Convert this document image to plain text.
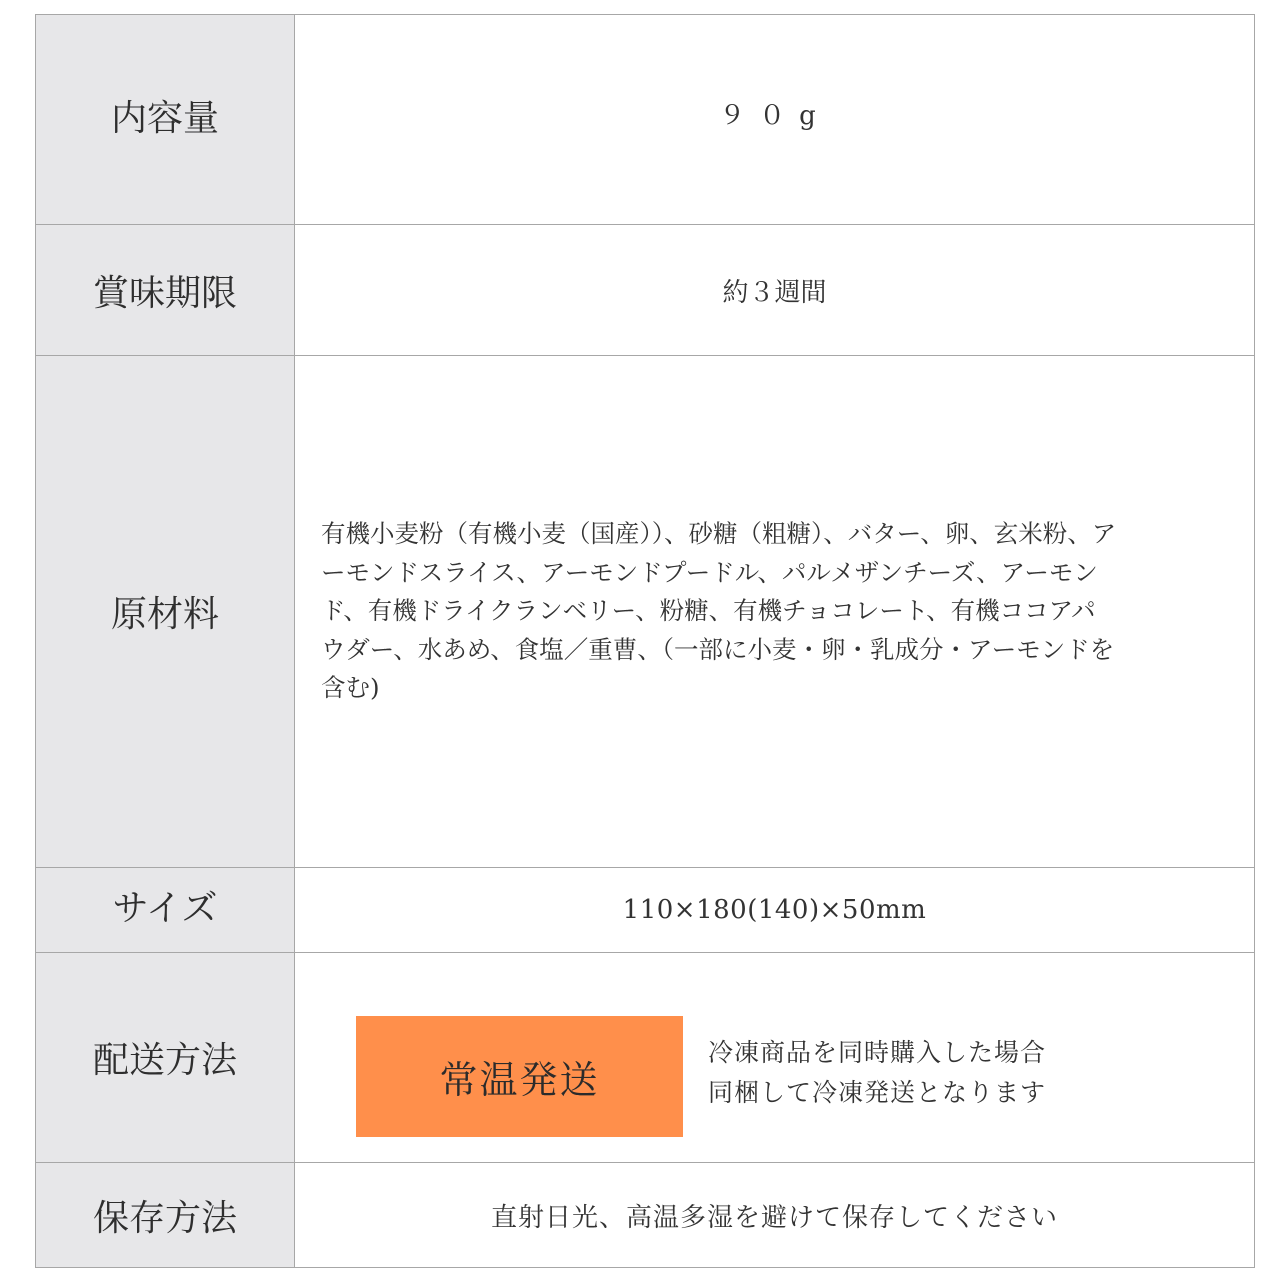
内容量	９０g
賞味期限	約３週間
原材料	有機小麦粉（有機小麦（国産））、砂糖（粗糖）、バター、卵、玄米粉、ア
ーモンドスライス、アーモンドプードル、パルメザンチーズ、アーモン
ド、有機ドライクランベリー、粉糖、有機チョコレート、有機ココアパ
ウダー、水あめ、食塩／重曹、（一部に小麦・卵・乳成分・アーモンドを
含む)

サイズ	110×180(140)×50mm
配送方法	常温発送
冷凍商品を同時購入した場合
同梱して冷凍発送となります

保存方法	直射日光、高温多湿を避けて保存してください
